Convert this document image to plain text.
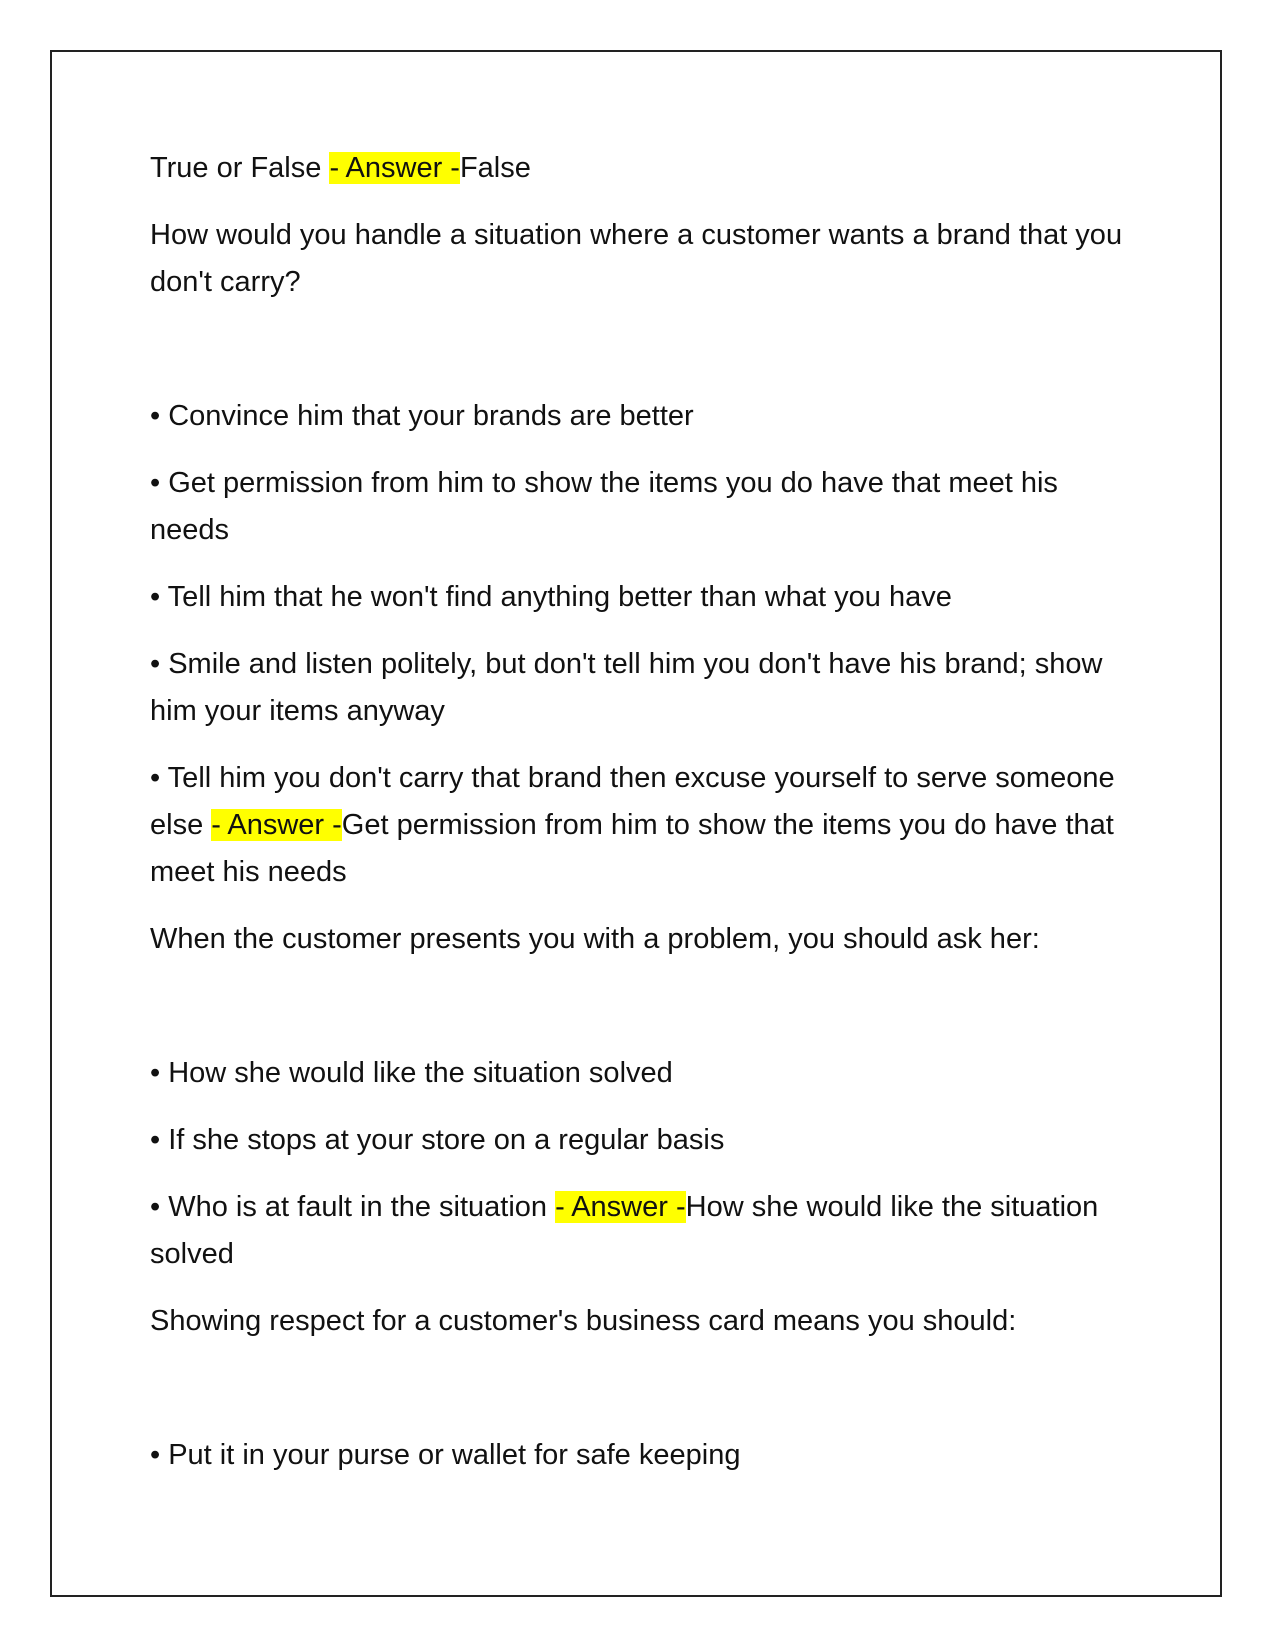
True or False - Answer -False

How would you handle a situation where a customer wants a brand that you don't carry?

• Convince him that your brands are better

• Get permission from him to show the items you do have that meet his needs

• Tell him that he won't find anything better than what you have

• Smile and listen politely, but don't tell him you don't have his brand; show him your items anyway

• Tell him you don't carry that brand then excuse yourself to serve someone else - Answer -Get permission from him to show the items you do have that meet his needs

When the customer presents you with a problem, you should ask her:

• How she would like the situation solved

• If she stops at your store on a regular basis

• Who is at fault in the situation - Answer -How she would like the situation solved

Showing respect for a customer's business card means you should:

• Put it in your purse or wallet for safe keeping
